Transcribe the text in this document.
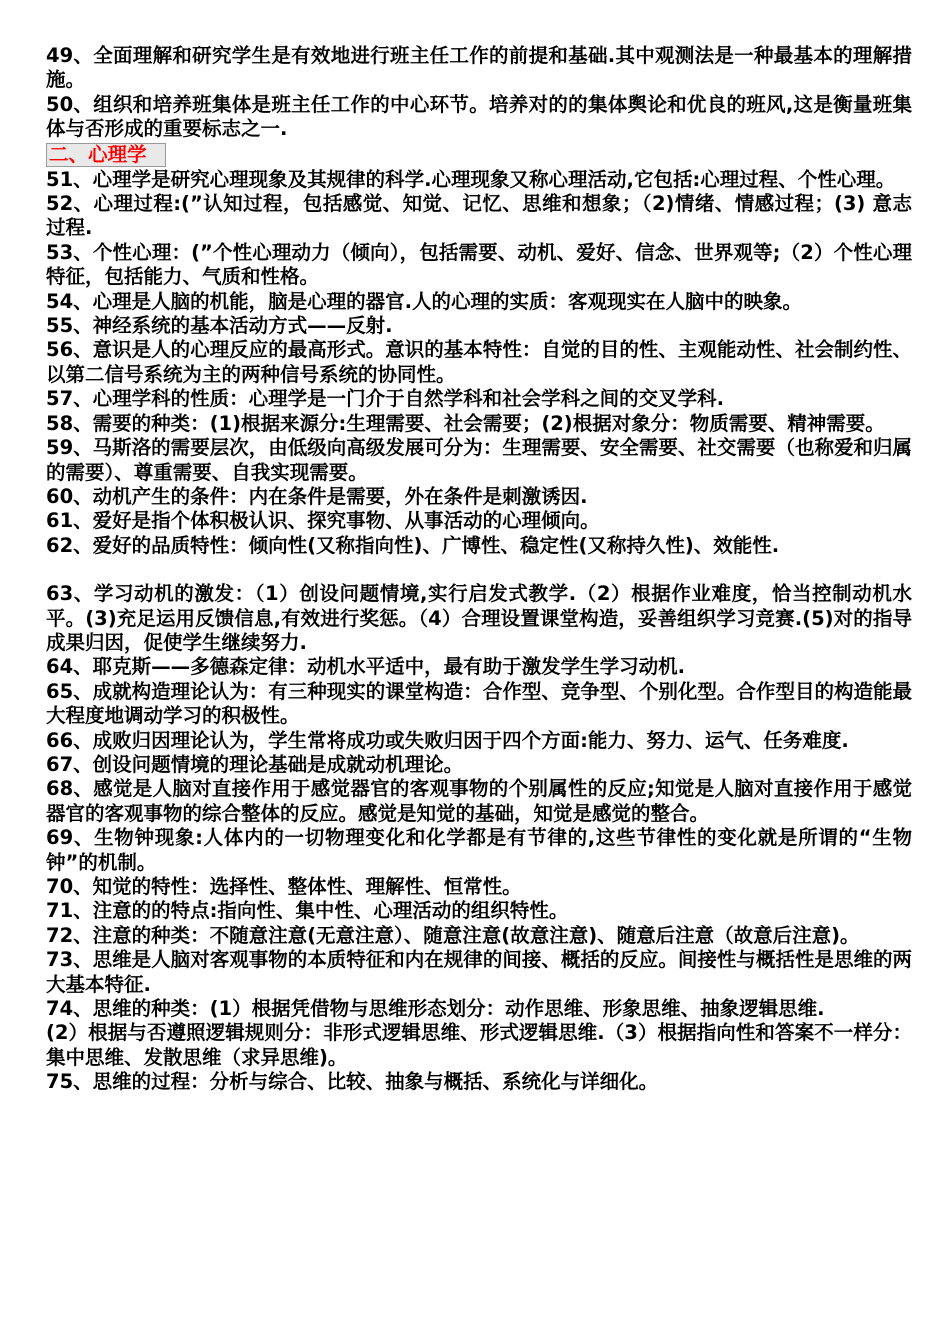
49、全面理解和研究学生是有效地进行班主任工作的前提和基础.其中观测法是一种最基本的理解措施。

50、组织和培养班集体是班主任工作的中心环节。培养对的的集体舆论和优良的班风,这是衡量班集体与否形成的重要标志之一.

二、心理学

51、心理学是研究心理现象及其规律的科学.心理现象又称心理活动,它包括:心理过程、个性心理。

52、心理过程:(”认知过程，包括感觉、知觉、记忆、思维和想象；（2)情绪、情感过程；(3) 意志过程.

53、个性心理：(”个性心理动力（倾向），包括需要、动机、爱好、信念、世界观等;（2）个性心理特征，包括能力、气质和性格。

54、心理是人脑的机能，脑是心理的器官.人的心理的实质：客观现实在人脑中的映象。

55、神经系统的基本活动方式——反射.

56、意识是人的心理反应的最高形式。意识的基本特性：自觉的目的性、主观能动性、社会制约性、以第二信号系统为主的两种信号系统的协同性。

57、心理学科的性质：心理学是一门介于自然学科和社会学科之间的交叉学科.

58、需要的种类：(1)根据来源分:生理需要、社会需要；(2)根据对象分：物质需要、精神需要。

59、马斯洛的需要层次，由低级向高级发展可分为：生理需要、安全需要、社交需要（也称爱和归属的需要）、尊重需要、自我实现需要。

60、动机产生的条件：内在条件是需要，外在条件是刺激诱因.

61、爱好是指个体积极认识、探究事物、从事活动的心理倾向。

62、爱好的品质特性：倾向性(又称指向性)、广博性、稳定性(又称持久性)、效能性.

63、学习动机的激发：（1）创设问题情境,实行启发式教学.（2）根据作业难度，恰当控制动机水平。(3)充足运用反馈信息,有效进行奖惩。（4）合理设置课堂构造，妥善组织学习竞赛.(5)对的指导成果归因，促使学生继续努力.

64、耶克斯——多德森定律：动机水平适中，最有助于激发学生学习动机.

65、成就构造理论认为：有三种现实的课堂构造：合作型、竞争型、个别化型。合作型目的构造能最大程度地调动学习的积极性。

66、成败归因理论认为，学生常将成功或失败归因于四个方面:能力、努力、运气、任务难度.

67、创设问题情境的理论基础是成就动机理论。

68、感觉是人脑对直接作用于感觉器官的客观事物的个别属性的反应;知觉是人脑对直接作用于感觉器官的客观事物的综合整体的反应。感觉是知觉的基础，知觉是感觉的整合。

69、生物钟现象:人体内的一切物理变化和化学都是有节律的,这些节律性的变化就是所谓的“生物钟”的机制。

70、知觉的特性：选择性、整体性、理解性、恒常性。

71、注意的的特点:指向性、集中性、心理活动的组织特性。

72、注意的种类：不随意注意(无意注意）、随意注意(故意注意)、随意后注意（故意后注意)。

73、思维是人脑对客观事物的本质特征和内在规律的间接、概括的反应。间接性与概括性是思维的两大基本特征.

74、思维的种类：(1）根据凭借物与思维形态划分：动作思维、形象思维、抽象逻辑思维.

(2）根据与否遵照逻辑规则分：非形式逻辑思维、形式逻辑思维.（3）根据指向性和答案不一样分：集中思维、发散思维（求异思维)。

75、思维的过程：分析与综合、比较、抽象与概括、系统化与详细化。
